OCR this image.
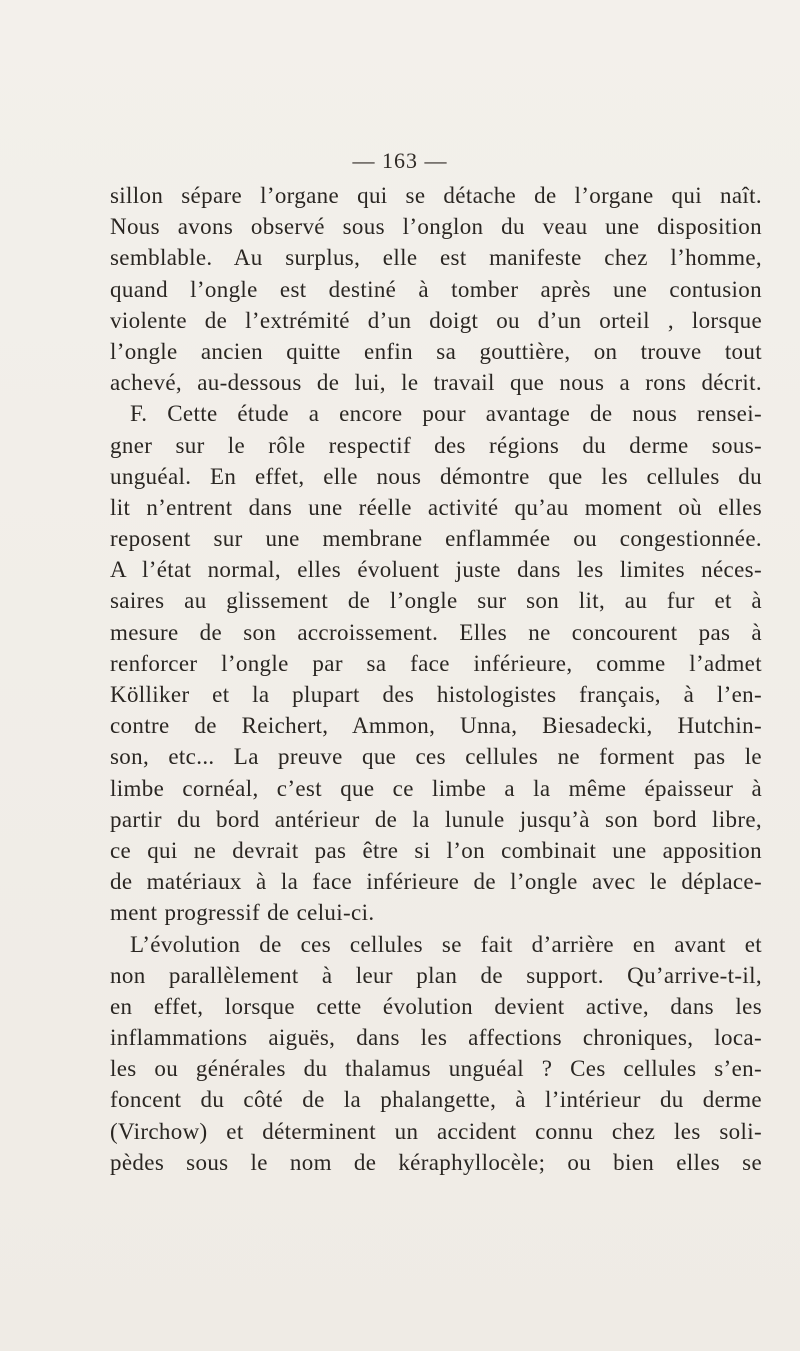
— 163 —
sillon sépare l’organe qui se détache de l’organe qui naît.
Nous avons observé sous l’onglon du veau une disposition
semblable. Au surplus, elle est manifeste chez l’homme,
quand l’ongle est destiné à tomber après une contusion
violente de l’extrémité d’un doigt ou d’un orteil , lorsque
l’ongle ancien quitte enfin sa gouttière, on trouve tout
achevé, au-dessous de lui, le travail que nous a rons décrit.
F. Cette étude a encore pour avantage de nous rensei-
gner sur le rôle respectif des régions du derme sous-
unguéal. En effet, elle nous démontre que les cellules du
lit n’entrent dans une réelle activité qu’au moment où elles
reposent sur une membrane enflammée ou congestionnée.
A l’état normal, elles évoluent juste dans les limites néces-
saires au glissement de l’ongle sur son lit, au fur et à
mesure de son accroissement. Elles ne concourent pas à
renforcer l’ongle par sa face inférieure, comme l’admet
Kölliker et la plupart des histologistes français, à l’en-
contre de Reichert, Ammon, Unna, Biesadecki, Hutchin-
son, etc... La preuve que ces cellules ne forment pas le
limbe cornéal, c’est que ce limbe a la même épaisseur à
partir du bord antérieur de la lunule jusqu’à son bord libre,
ce qui ne devrait pas être si l’on combinait une apposition
de matériaux à la face inférieure de l’ongle avec le déplace-
ment progressif de celui-ci.
L’évolution de ces cellules se fait d’arrière en avant et
non parallèlement à leur plan de support. Qu’arrive-t-il,
en effet, lorsque cette évolution devient active, dans les
inflammations aiguës, dans les affections chroniques, loca-
les ou générales du thalamus unguéal ? Ces cellules s’en-
foncent du côté de la phalangette, à l’intérieur du derme
(Virchow) et déterminent un accident connu chez les soli-
pèdes sous le nom de kéraphyllocèle; ou bien elles se
